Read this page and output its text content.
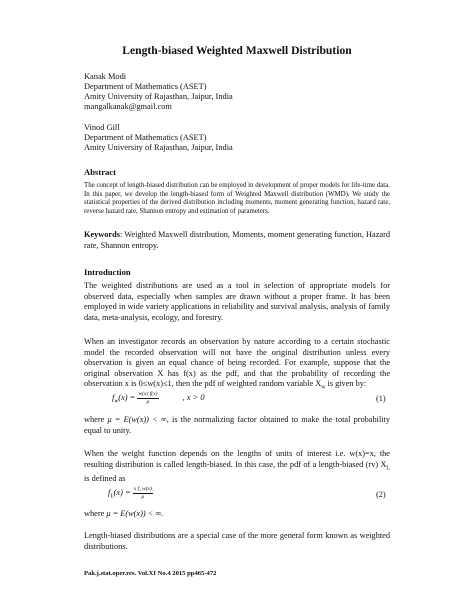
Length-biased Weighted Maxwell Distribution
Kanak Modi
Department of Mathematics (ASET)
Amity University of Rajasthan, Jaipur, India
mangalkanak@gmail.com
Vinod Gill
Department of Mathematics (ASET)
Amity University of Rajasthan, Jaipur, India
Abstract

The concept of length-biased distribution can be employed in development of proper models for life-time data. In this paper, we develop the length-biased form of Weighted Maxwell distribution (WMD). We study the statistical properties of the derived distribution including moments, moment generating function, hazard rate, reverse hazard rate, Shannon entropy and estimation of parameters.

Keywords: Weighted Maxwell distribution, Moments, moment generating function, Hazard rate, Shannon entropy.

Introduction

The weighted distributions are used as a tool in selection of appropriate models for observed data, especially when samples are drawn without a proper frame. It has been employed in wide variety applications in reliability and survival analysis, analysis of family data, meta-analysis, ecology, and forestry.

When an investigator records an observation by nature according to a certain stochastic model the recorded observation will not have the original distribution unless every observation is given an equal chance of being recorded. For example, suppose that the original observation X has f(x) as the pdf, and that the probability of recording the observation x is 0≤w(x)≤1, then the pdf of weighted random variable $X_w$ is given by:

$f_w(x) = \frac{w(x) f(x)}{\mu}$	, x > 0	(1)

where μ = E(w(x)) < ∞, is the normalizing factor obtained to make the total probability equal to unity.

When the weight function depends on the lengths of units of interest i.e. w(x)=x, the resulting distribution is called length-biased. In this case, the pdf of a length-biased (rv) $X_L$ is defined as

$f_L(x) = \frac{\text{x f\_w(x)}}{\mu}$	(2)

where μ = E(w(x)) < ∞.

Length-biased distributions are a special case of the more general form known as weighted distributions.

Pak.j.stat.oper.res. Vol.XI No.4 2015 pp465-472
